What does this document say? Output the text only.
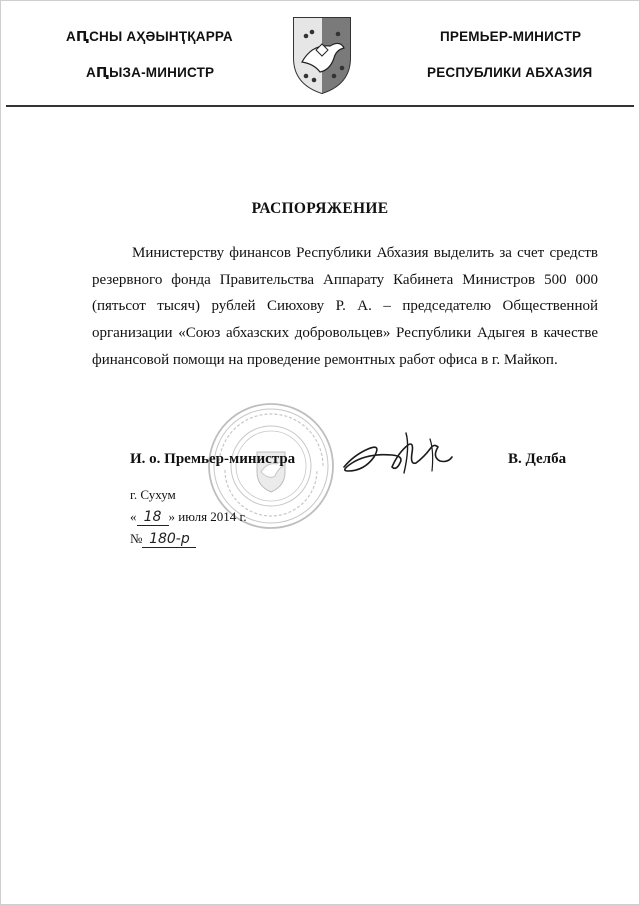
АԤСНЫ АҲӘЫНҬҚАРРА
АԤЫЗА-МИНИСТР
ПРЕМЬЕР-МИНИСТР
РЕСПУБЛИКИ АБХАЗИЯ
РАСПОРЯЖЕНИЕ

Министерству финансов Республики Абхазия выделить за счет средств резервного фонда Правительства Аппарату Кабинета Министров 500 000 (пятьсот тысяч) рублей Сиюхову Р. А. – председателю Общественной организации «Союз абхазских добровольцев» Республики Адыгея в качестве финансовой помощи на проведение ремонтных работ офиса в г. Майкоп.

И. о. Премьер-министра	В. Делба
г. Сухум
« 18 » июля 2014 г.
№ 180-р
